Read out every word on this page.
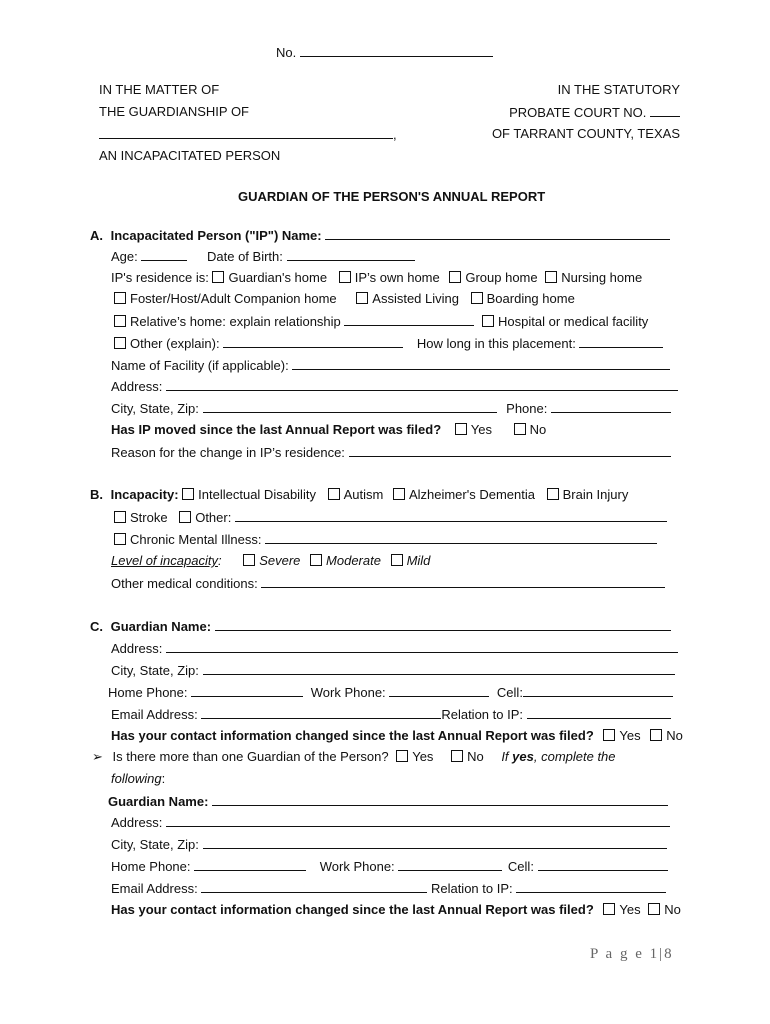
No.
IN THE MATTER OF
THE GUARDIANSHIP OF
,
AN INCAPACITATED PERSON
IN THE STATUTORY
PROBATE COURT NO.
OF TARRANT COUNTY, TEXAS
GUARDIAN OF THE PERSON'S ANNUAL REPORT
A. Incapacitated Person ("IP") Name:
Age:	Date of Birth:
IP's residence is: Guardian's home IP’s own home Group home Nursing home
Foster/Host/Adult Companion home	Assisted Living Boarding home
Relative’s home: explain relationship	Hospital or medical facility
Other (explain):	How long in this placement:
Name of Facility (if applicable):
Address:
City, State, Zip:	Phone:
Has IP moved since the last Annual Report was filed? Yes	No
Reason for the change in IP’s residence:
B. Incapacity: Intellectual Disability Autism Alzheimer's Dementia Brain Injury
Stroke Other:
Chronic Mental Illness:
Level of incapacity:	Severe Moderate Mild
Other medical conditions:
C. Guardian Name:
Address:
City, State, Zip:
Home Phone:	Work Phone:	Cell:
Email Address:	Relation to IP:
Has your contact information changed since the last Annual Report was filed? Yes No
➢ Is there more than one Guardian of the Person? Yes	No If yes, complete the
following:
Guardian Name:
Address:
City, State, Zip:
Home Phone:	Work Phone:	Cell:
Email Address:	Relation to IP:
Has your contact information changed since the last Annual Report was filed? Yes No
P a g e 1|8
